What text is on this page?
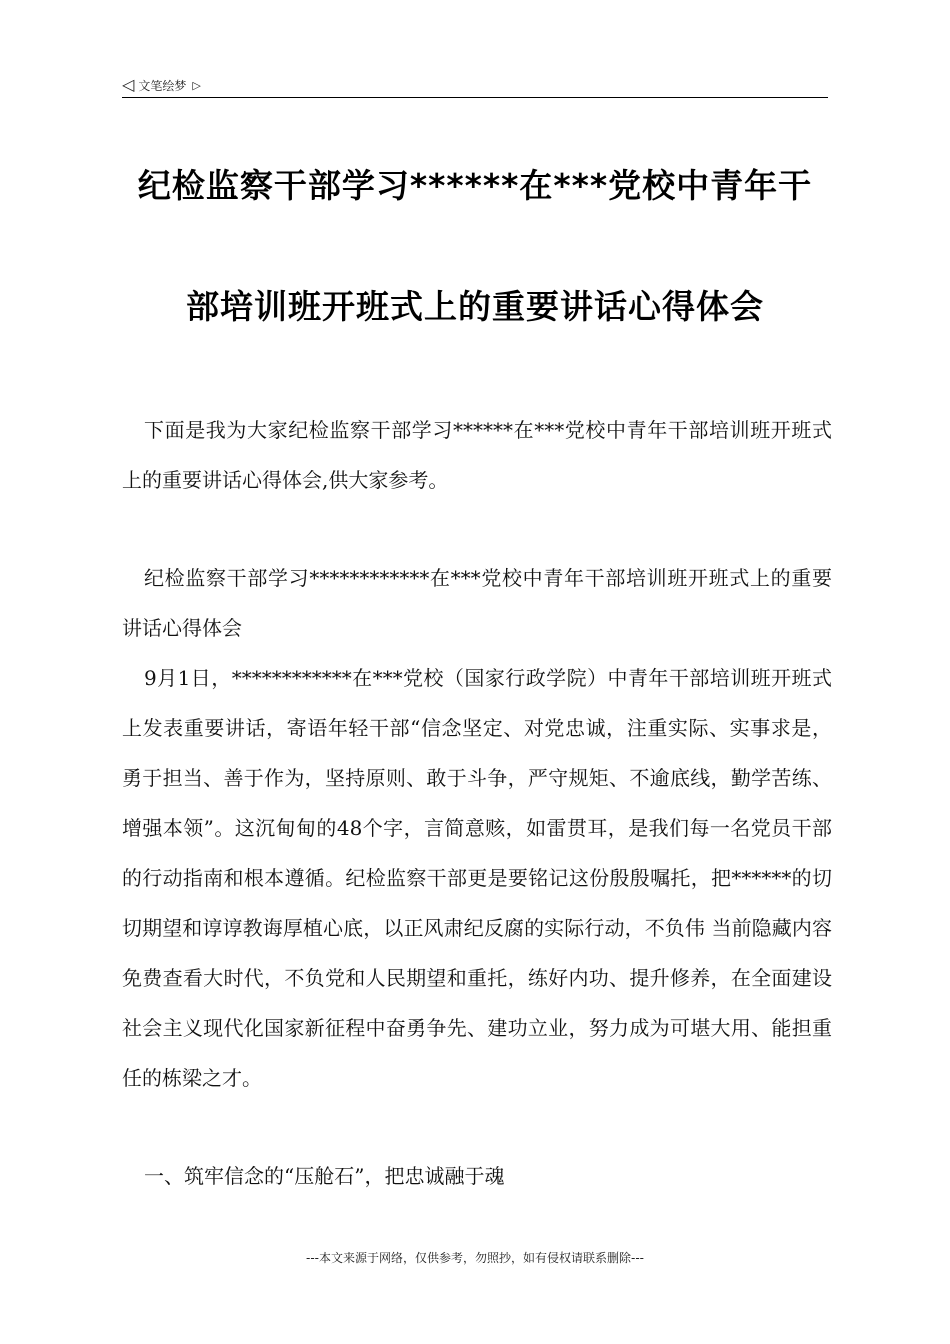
◁ 文笔绘梦 ▷
纪检监察干部学习******在***党校中青年干
部培训班开班式上的重要讲话心得体会
下面是我为大家纪检监察干部学习******在***党校中青年干部培训班开班式上的重要讲话心得体会,供大家参考。
纪检监察干部学习************在***党校中青年干部培训班开班式上的重要讲话心得体会
9月1日，************在***党校（国家行政学院）中青年干部培训班开班式上发表重要讲话，寄语年轻干部“信念坚定、对党忠诚，注重实际、实事求是，勇于担当、善于作为，坚持原则、敢于斗争，严守规矩、不逾底线，勤学苦练、增强本领”。这沉甸甸的48个字，言简意赅，如雷贯耳，是我们每一名党员干部的行动指南和根本遵循。纪检监察干部更是要铭记这份殷殷嘱托，把******的切切期望和谆谆教诲厚植心底，以正风肃纪反腐的实际行动，不负伟 当前隐藏内容免费查看大时代，不负党和人民期望和重托，练好内功、提升修养，在全面建设社会主义现代化国家新征程中奋勇争先、建功立业，努力成为可堪大用、能担重任的栋梁之才。
一、筑牢信念的“压舱石”，把忠诚融于魂
---本文来源于网络，仅供参考，勿照抄，如有侵权请联系删除---
